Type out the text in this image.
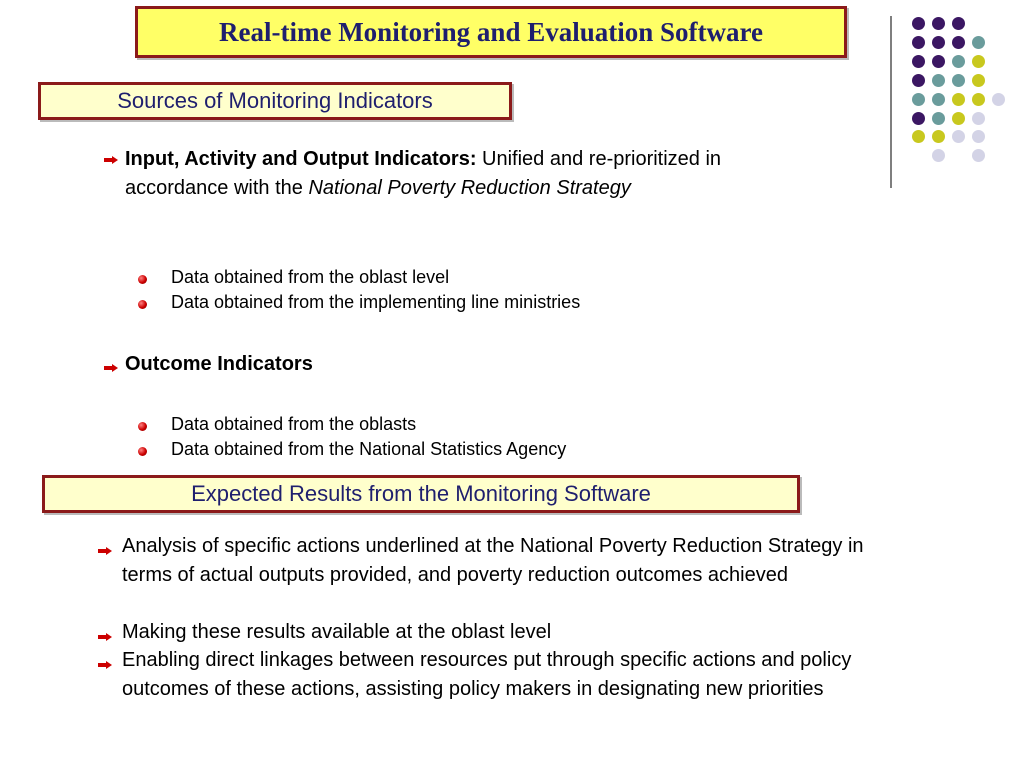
Real-time Monitoring and Evaluation Software
Sources of Monitoring Indicators
Input, Activity and Output Indicators: Unified and re-prioritized in accordance with the National Poverty Reduction Strategy
Data obtained from the oblast level
Data obtained from the implementing line ministries
Outcome Indicators
Data obtained from the oblasts
Data obtained from the National Statistics Agency
Expected Results from the Monitoring Software
Analysis of specific actions underlined at the National Poverty Reduction Strategy in terms of actual outputs provided, and poverty reduction outcomes achieved
Making these results available at the oblast level
Enabling direct linkages between resources put through specific actions and policy outcomes of these actions, assisting policy makers in designating new priorities
